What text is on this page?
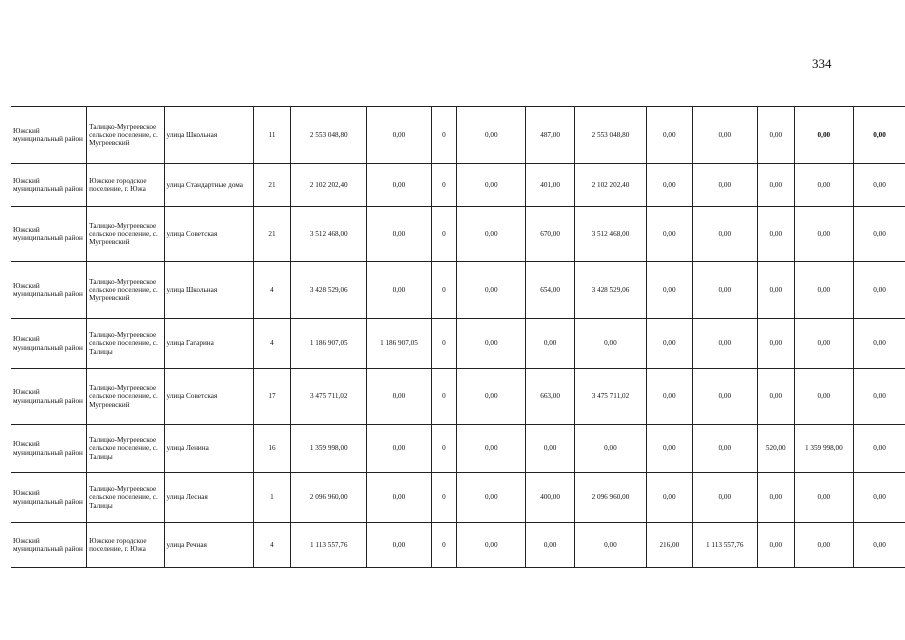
334
Южский муниципальный район	Талицко-Мугреевское сельское поселение, с. Мугреевский	улица Школьная	11	2 553 048,80	0,00	0	0,00	487,00	2 553 048,80	0,00	0,00	0,00	0,00	0,00
Южский муниципальный район	Южское городское поселение, г. Южа	улица Стандартные дома	21	2 102 202,40	0,00	0	0,00	401,00	2 102 202,40	0,00	0,00	0,00	0,00	0,00
Южский муниципальный район	Талицко-Мугреевское сельское поселение, с. Мугреевский	улица Советская	21	3 512 468,00	0,00	0	0,00	670,00	3 512 468,00	0,00	0,00	0,00	0,00	0,00
Южский муниципальный район	Талицко-Мугреевское сельское поселение, с. Мугреевский	улица Школьная	4	3 428 529,06	0,00	0	0,00	654,00	3 428 529,06	0,00	0,00	0,00	0,00	0,00
Южский муниципальный район	Талицко-Мугреевское сельское поселение, с. Талицы	улица Гагарина	4	1 186 907,05	1 186 907,05	0	0,00	0,00	0,00	0,00	0,00	0,00	0,00	0,00
Южский муниципальный район	Талицко-Мугреевское сельское поселение, с. Мугреевский	улица Советская	17	3 475 711,02	0,00	0	0,00	663,00	3 475 711,02	0,00	0,00	0,00	0,00	0,00
Южский муниципальный район	Талицко-Мугреевское сельское поселение, с. Талицы	улица Ленина	16	1 359 998,00	0,00	0	0,00	0,00	0,00	0,00	0,00	520,00	1 359 998,00	0,00
Южский муниципальный район	Талицко-Мугреевское сельское поселение, с. Талицы	улица Лесная	1	2 096 960,00	0,00	0	0,00	400,00	2 096 960,00	0,00	0,00	0,00	0,00	0,00
Южский муниципальный район	Южское городское поселение, г. Южа	улица Речная	4	1 113 557,76	0,00	0	0,00	0,00	0,00	216,00	1 113 557,76	0,00	0,00	0,00
